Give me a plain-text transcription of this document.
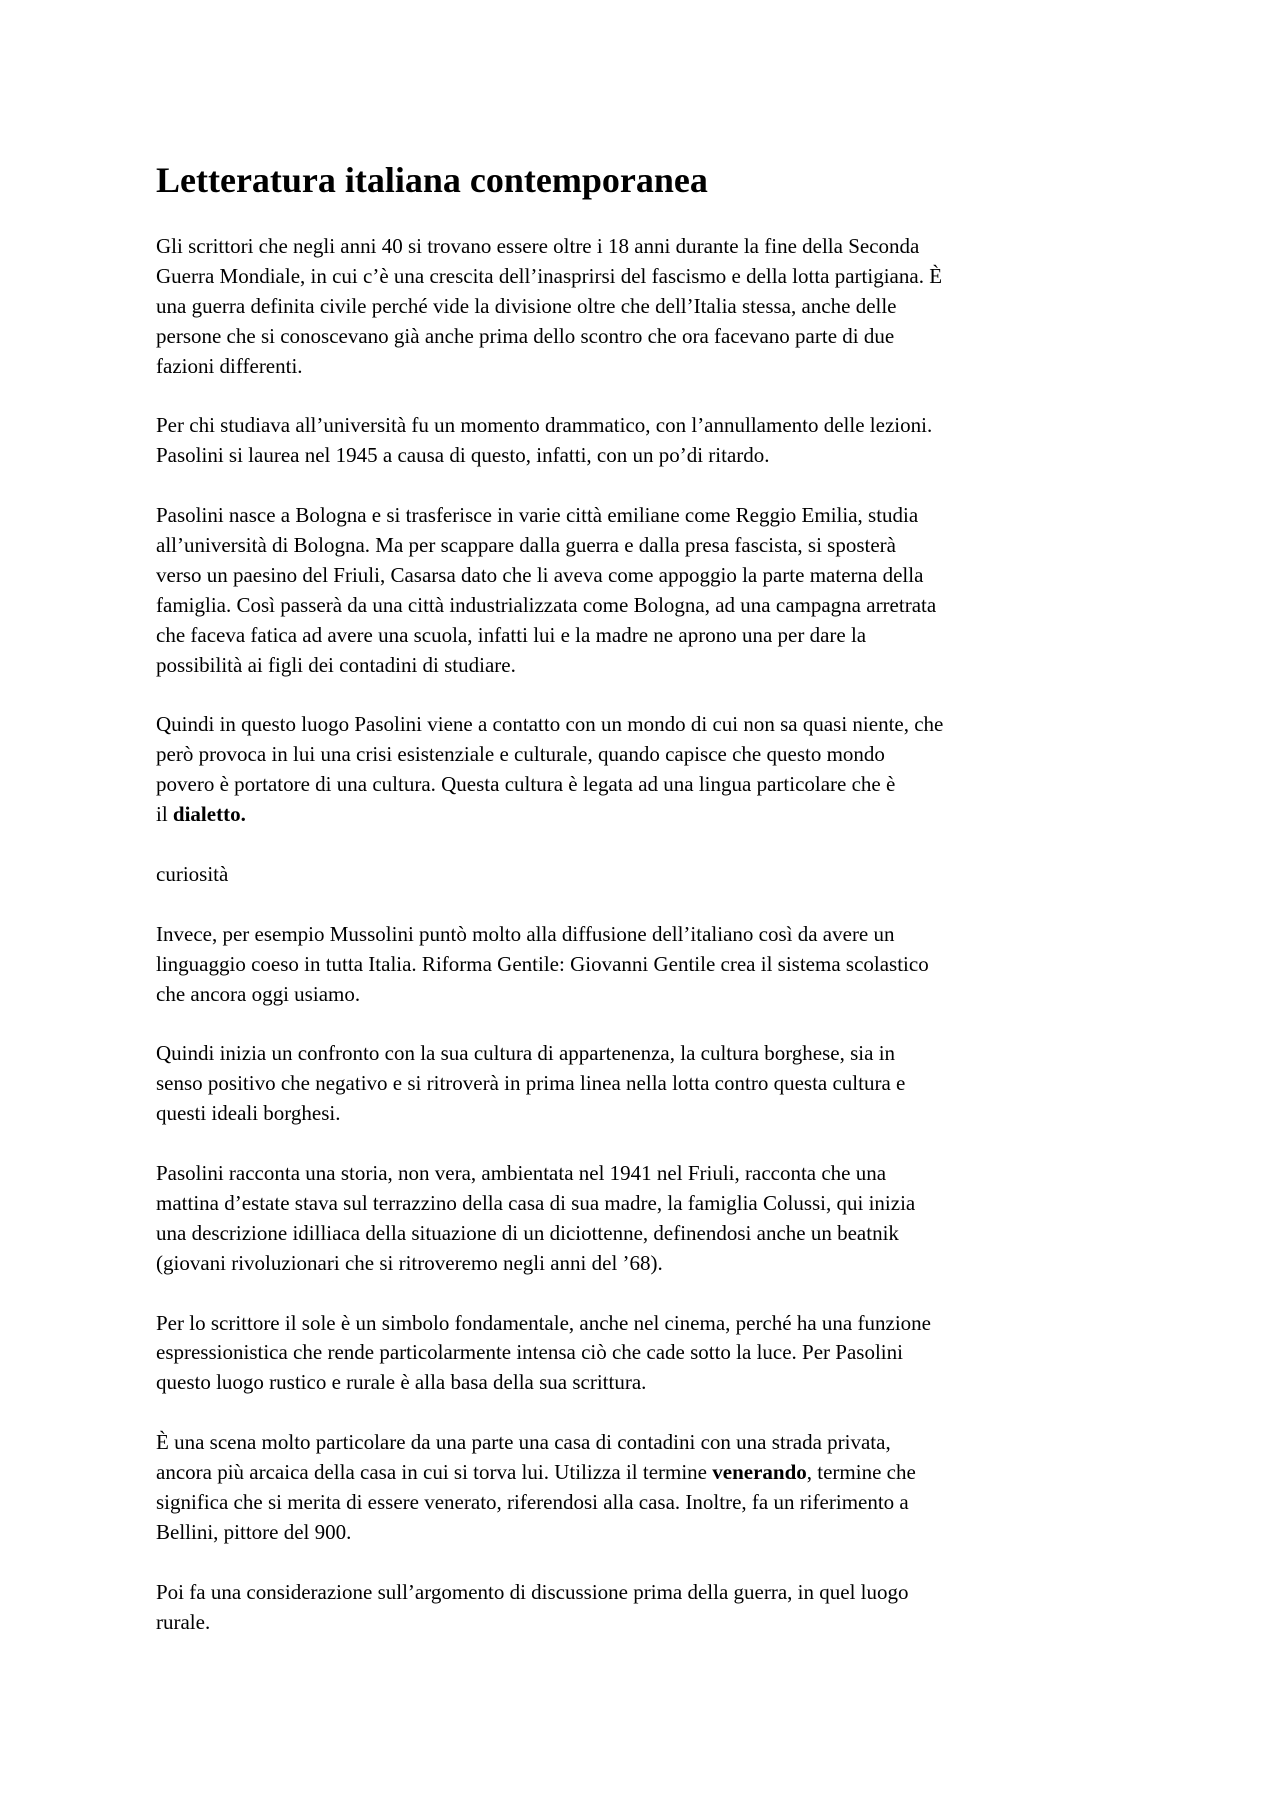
Letteratura italiana contemporanea

Gli scrittori che negli anni 40 si trovano essere oltre i 18 anni durante la fine della Seconda
Guerra Mondiale, in cui c’è una crescita dell’inasprirsi del fascismo e della lotta partigiana. È
una guerra definita civile perché vide la divisione oltre che dell’Italia stessa, anche delle
persone che si conoscevano già anche prima dello scontro che ora facevano parte di due
fazioni differenti.

Per chi studiava all’università fu un momento drammatico, con l’annullamento delle lezioni.
Pasolini si laurea nel 1945 a causa di questo, infatti, con un po’di ritardo.

Pasolini nasce a Bologna e si trasferisce in varie città emiliane come Reggio Emilia, studia
all’università di Bologna. Ma per scappare dalla guerra e dalla presa fascista, si sposterà
verso un paesino del Friuli, Casarsa dato che li aveva come appoggio la parte materna della
famiglia. Così passerà da una città industrializzata come Bologna, ad una campagna arretrata
che faceva fatica ad avere una scuola, infatti lui e la madre ne aprono una per dare la
possibilità ai figli dei contadini di studiare.

Quindi in questo luogo Pasolini viene a contatto con un mondo di cui non sa quasi niente, che
però provoca in lui una crisi esistenziale e culturale, quando capisce che questo mondo
povero è portatore di una cultura. Questa cultura è legata ad una lingua particolare che è
il dialetto.

curiosità

Invece, per esempio Mussolini puntò molto alla diffusione dell’italiano così da avere un
linguaggio coeso in tutta Italia. Riforma Gentile: Giovanni Gentile crea il sistema scolastico
che ancora oggi usiamo.

Quindi inizia un confronto con la sua cultura di appartenenza, la cultura borghese, sia in
senso positivo che negativo e si ritroverà in prima linea nella lotta contro questa cultura e
questi ideali borghesi.

Pasolini racconta una storia, non vera, ambientata nel 1941 nel Friuli, racconta che una
mattina d’estate stava sul terrazzino della casa di sua madre, la famiglia Colussi, qui inizia
una descrizione idilliaca della situazione di un diciottenne, definendosi anche un beatnik
(giovani rivoluzionari che si ritroveremo negli anni del ’68).

Per lo scrittore il sole è un simbolo fondamentale, anche nel cinema, perché ha una funzione
espressionistica che rende particolarmente intensa ciò che cade sotto la luce. Per Pasolini
questo luogo rustico e rurale è alla basa della sua scrittura.

È una scena molto particolare da una parte una casa di contadini con una strada privata,
ancora più arcaica della casa in cui si torva lui. Utilizza il termine venerando, termine che
significa che si merita di essere venerato, riferendosi alla casa. Inoltre, fa un riferimento a
Bellini, pittore del 900.

Poi fa una considerazione sull’argomento di discussione prima della guerra, in quel luogo
rurale.
